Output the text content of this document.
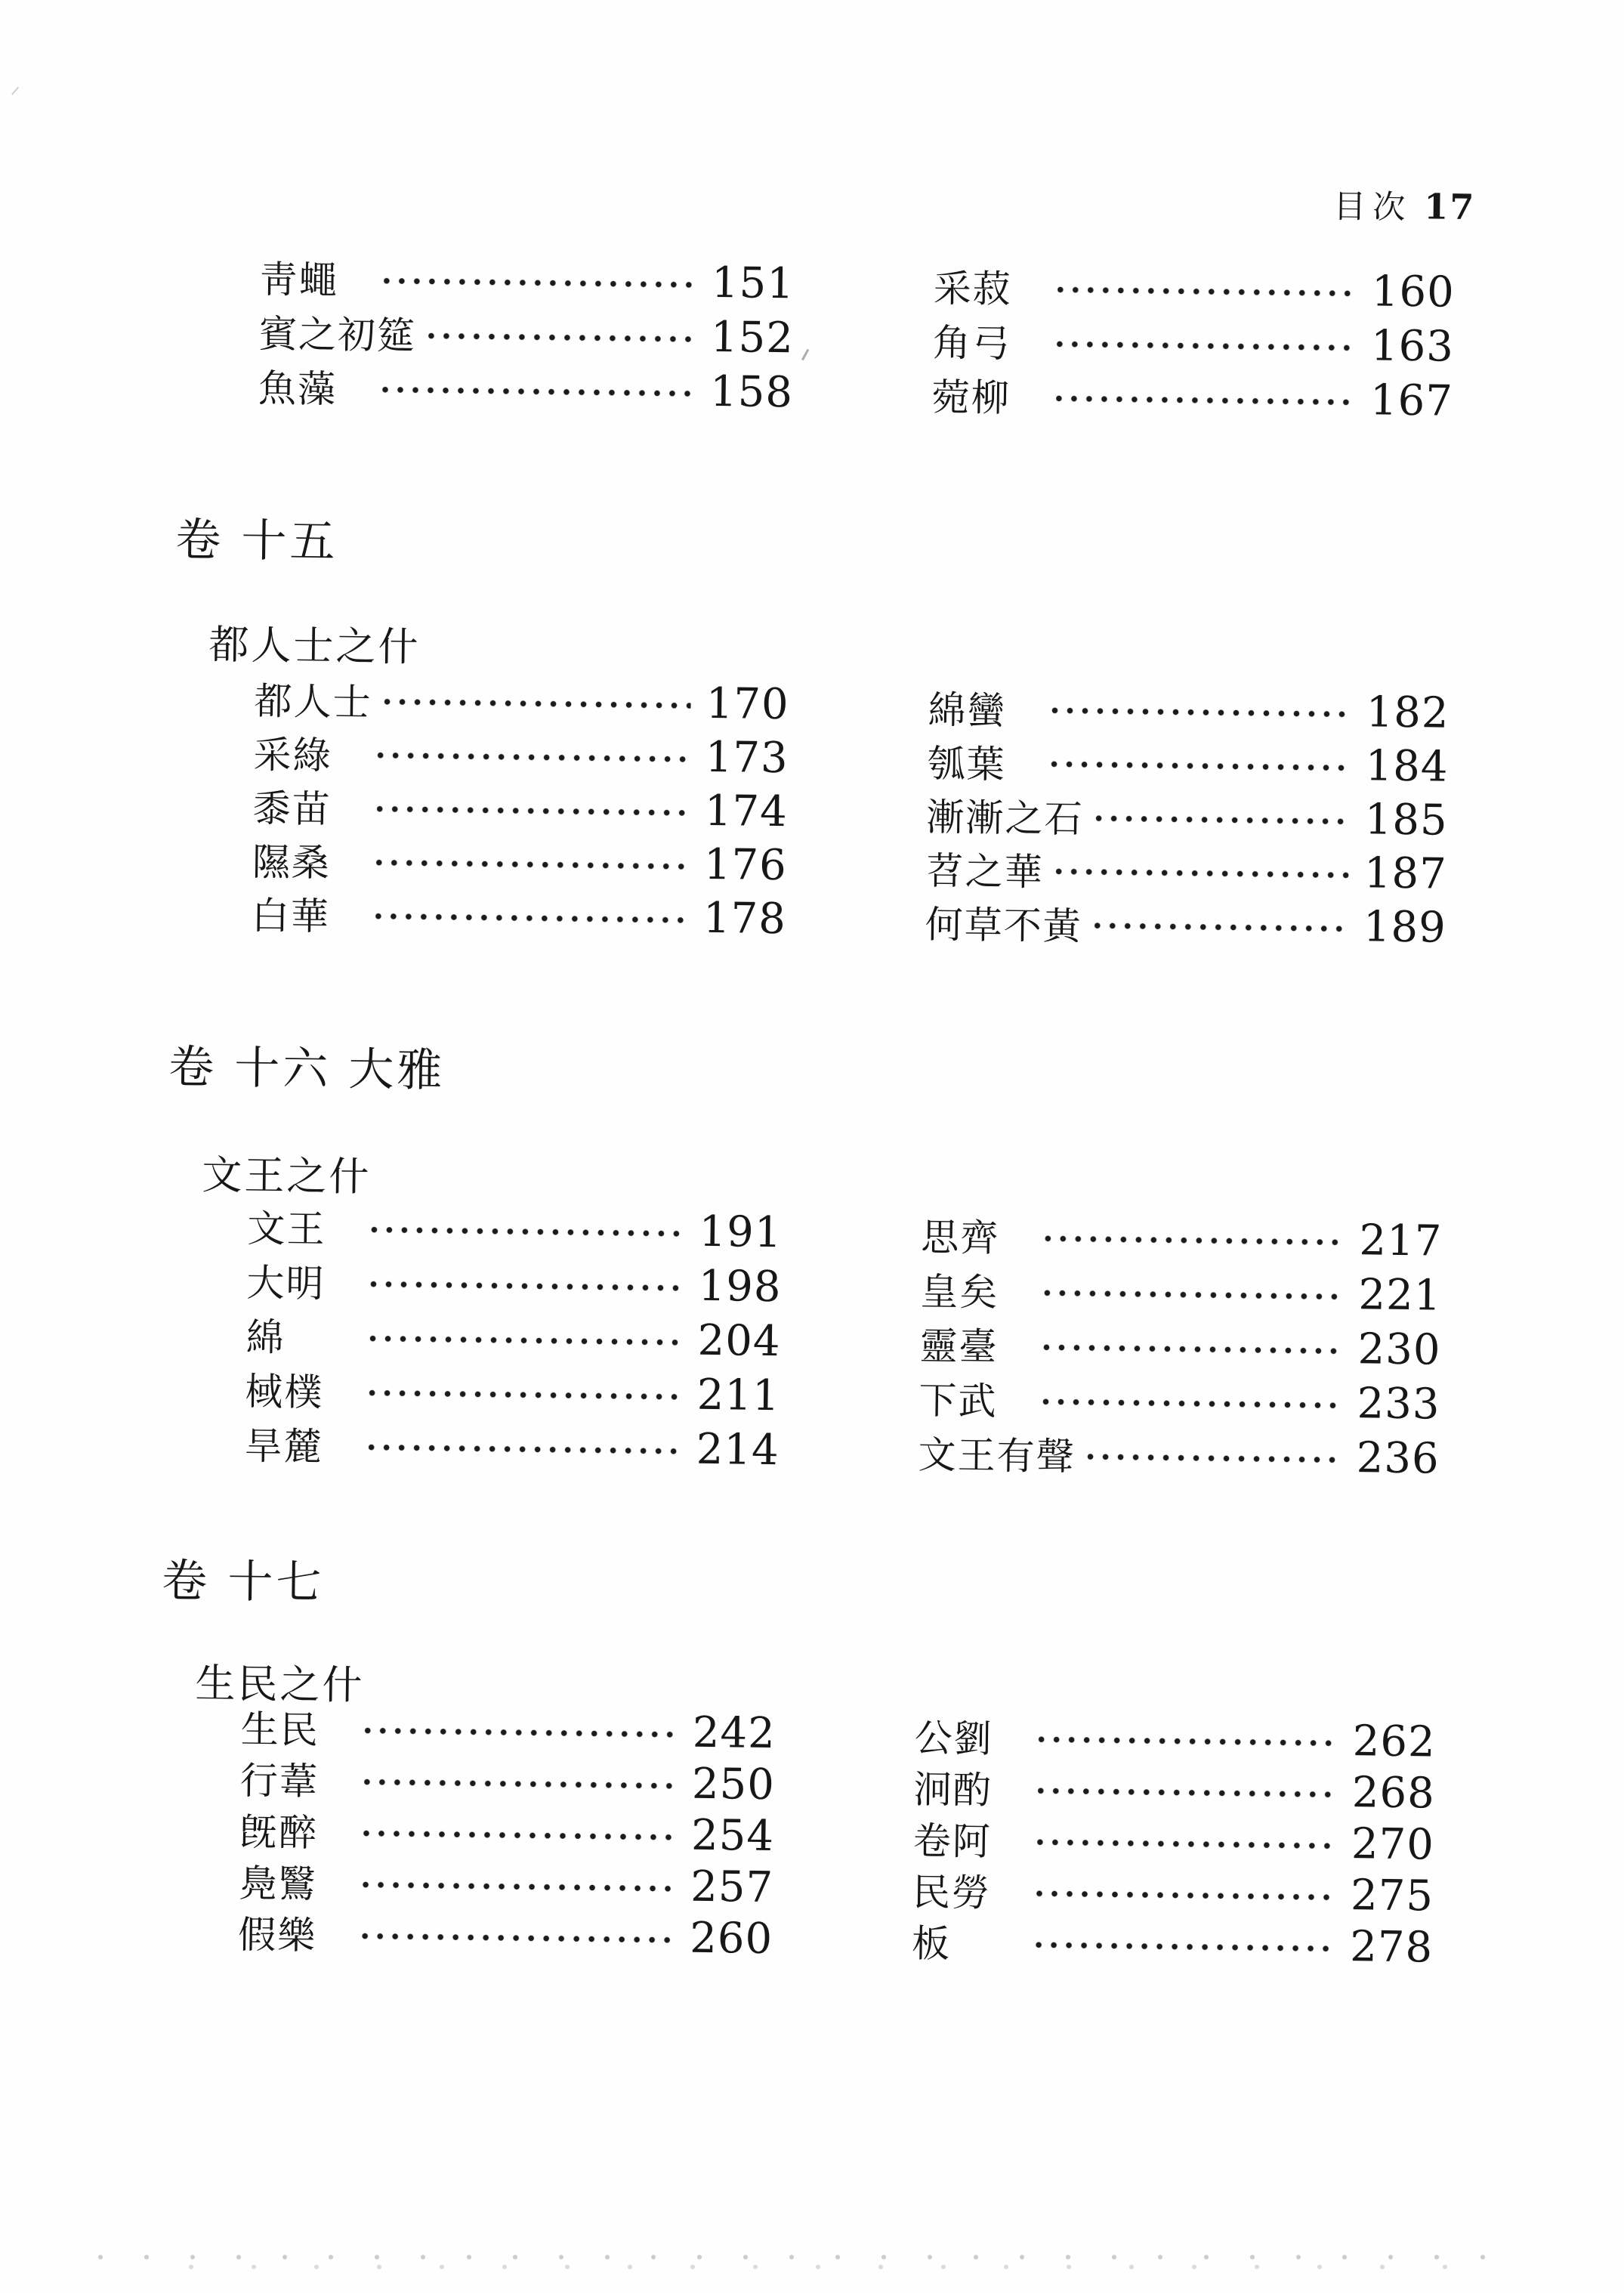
目次 17
靑蠅	151
賓之初筵	152
魚藻	158
采菽	160
角弓	163
菀柳	167
卷 十五
都人士之什
都人士	170
采綠	173
黍苗	174
隰桑	176
白華	178
綿蠻	182
瓠葉	184
漸漸之石	185
苕之華	187
何草不黃	189
卷 十六 大雅
文王之什
文王	191
大明	198
綿	204
棫樸	211
旱麓	214
思齊	217
皇矣	221
靈臺	230
下武	233
文王有聲	236
卷 十七
生民之什
生民	242
行葦	250
旣醉	254
鳧鷖	257
假樂	260
公劉	262
泂酌	268
卷阿	270
民勞	275
板	278
